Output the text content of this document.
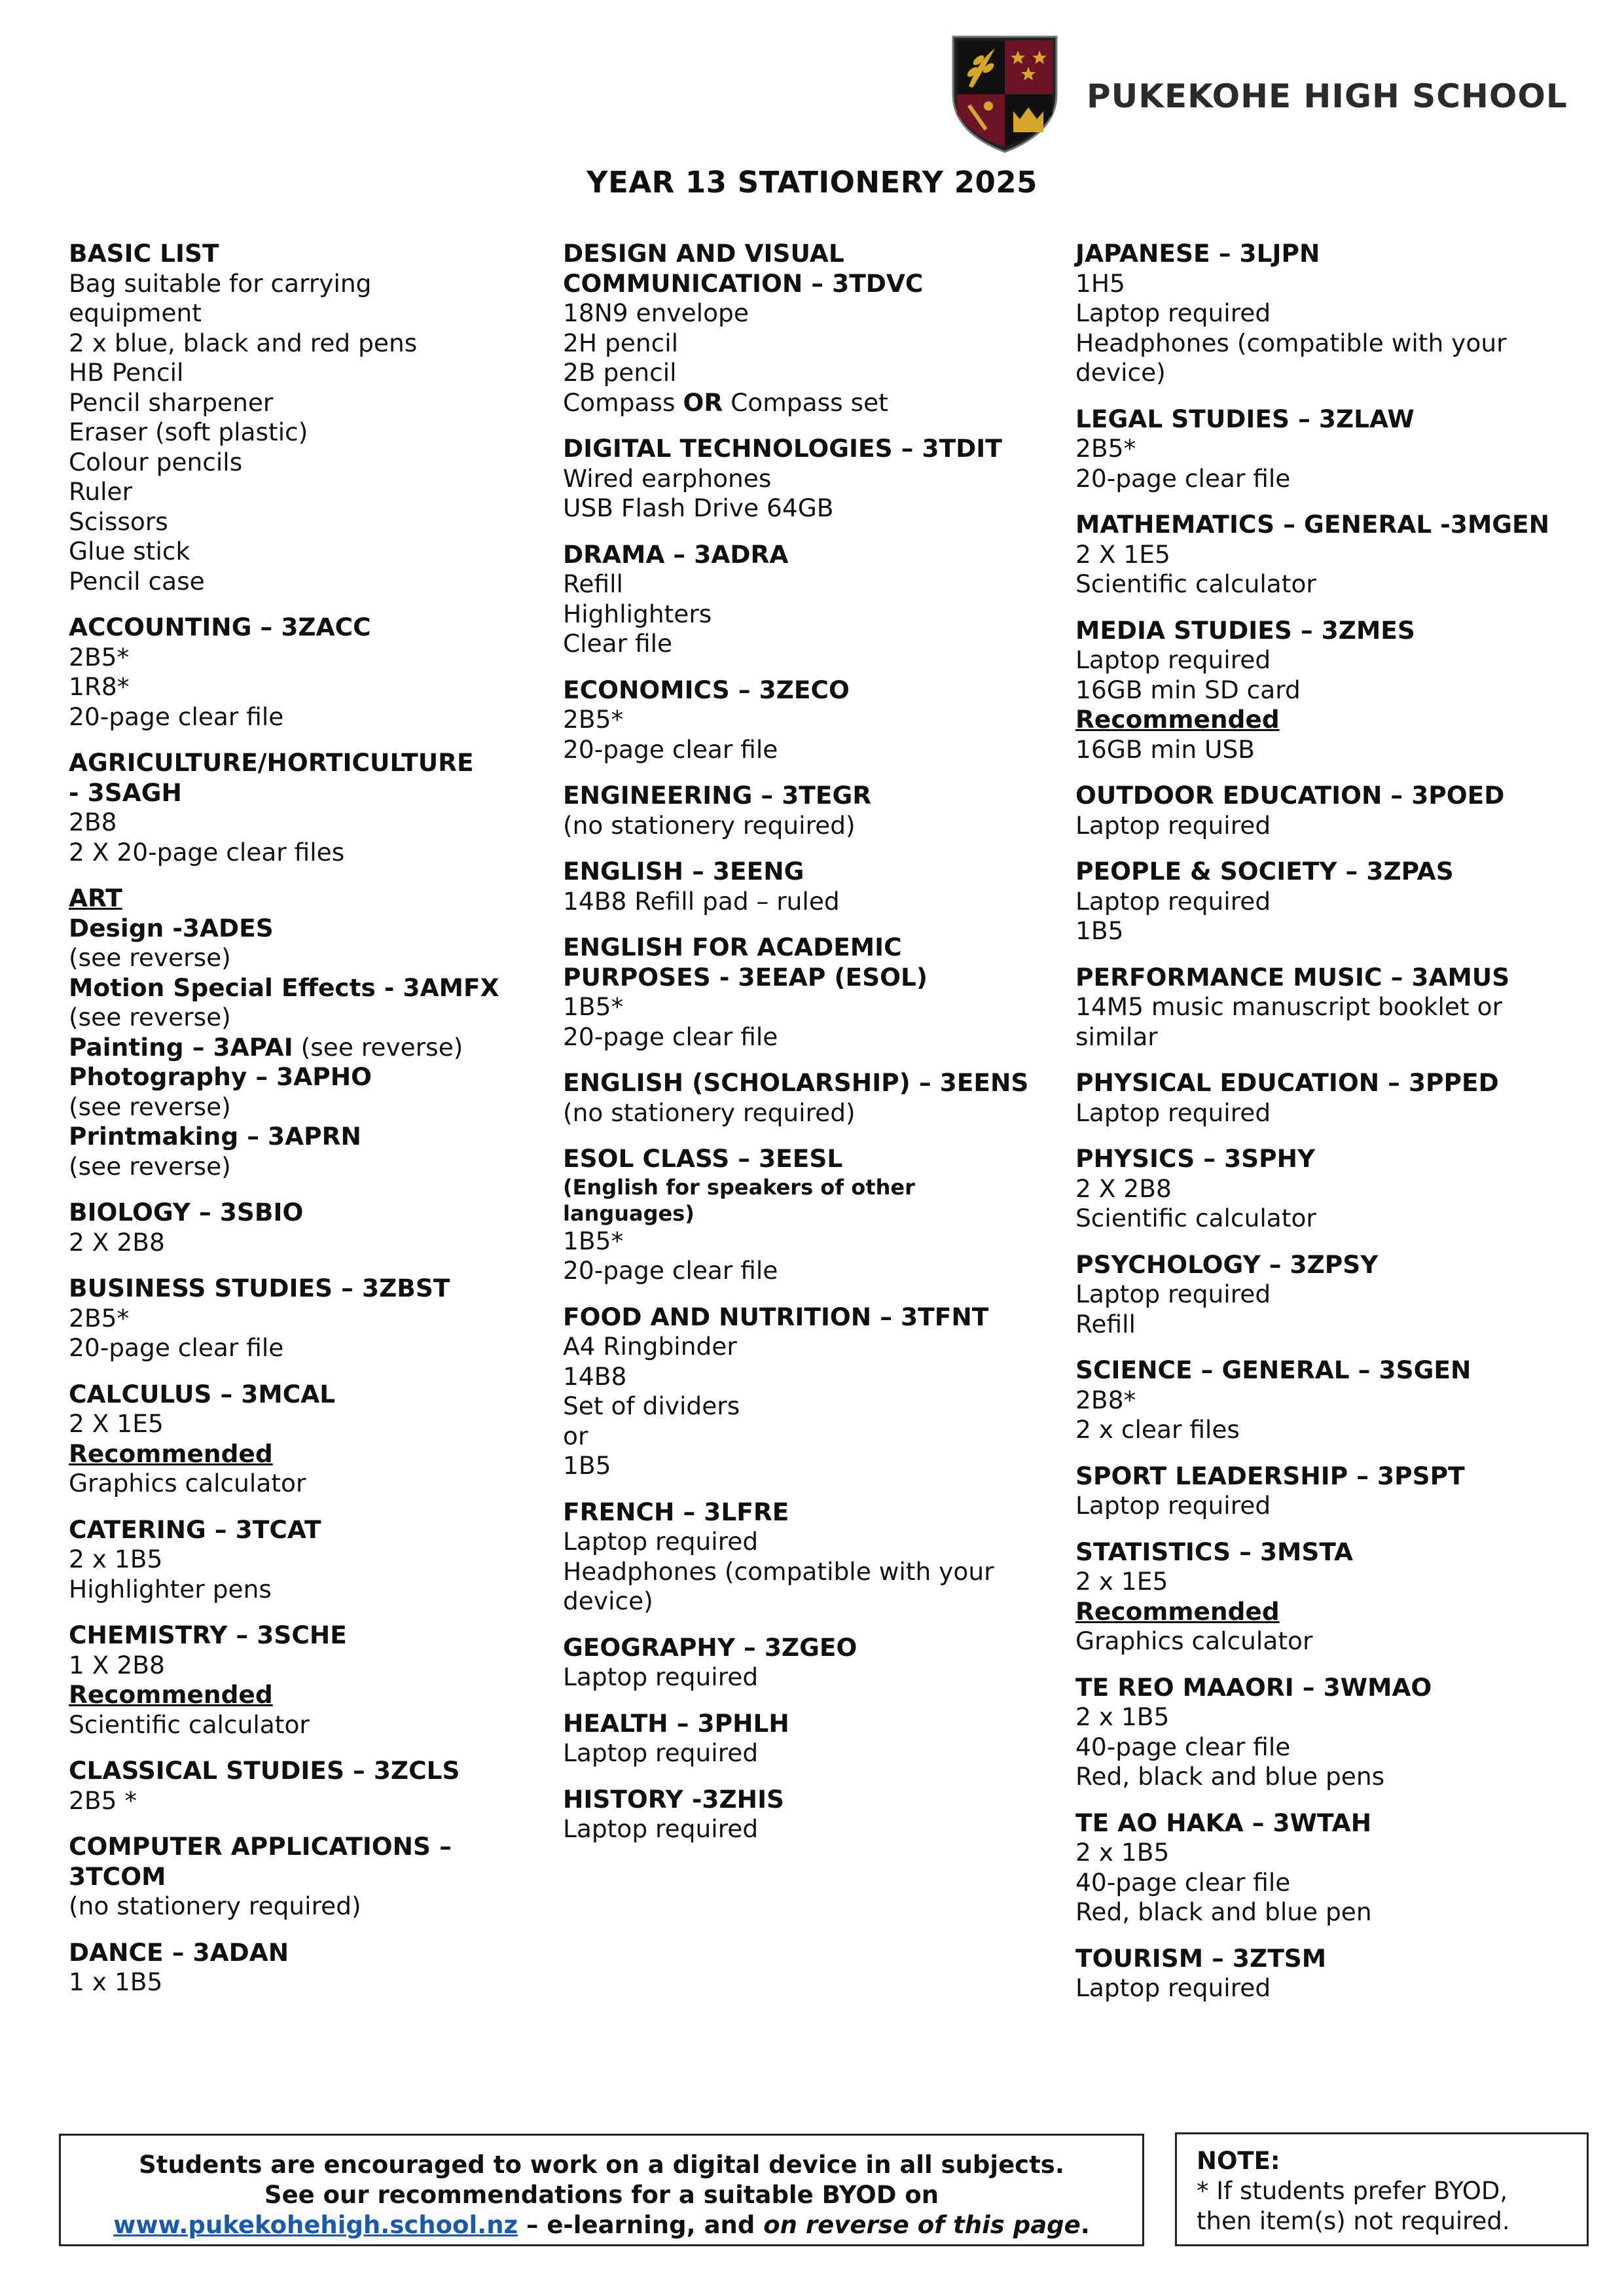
PUKEKOHE HIGH SCHOOL
YEAR 13 STATIONERY 2025
BASIC LIST
Bag suitable for carrying
equipment
2 x blue, black and red pens
HB Pencil
Pencil sharpener
Eraser (soft plastic)
Colour pencils
Ruler
Scissors
Glue stick
Pencil case
ACCOUNTING – 3ZACC
2B5*
1R8*
20-page clear file
AGRICULTURE/HORTICULTURE
- 3SAGH
2B8
2 X 20-page clear files
ART
Design -3ADES
(see reverse)
Motion Special Effects - 3AMFX
(see reverse)
Painting – 3APAI (see reverse)
Photography – 3APHO
(see reverse)
Printmaking – 3APRN
(see reverse)
BIOLOGY – 3SBIO
2 X 2B8
BUSINESS STUDIES – 3ZBST
2B5*
20-page clear file
CALCULUS – 3MCAL
2 X 1E5
Recommended
Graphics calculator
CATERING – 3TCAT
2 x 1B5
Highlighter pens
CHEMISTRY – 3SCHE
1 X 2B8
Recommended
Scientific calculator
CLASSICAL STUDIES – 3ZCLS
2B5 *
COMPUTER APPLICATIONS –
3TCOM
(no stationery required)
DANCE – 3ADAN
1 x 1B5
DESIGN AND VISUAL
COMMUNICATION – 3TDVC
18N9 envelope
2H pencil
2B pencil
Compass OR Compass set
DIGITAL TECHNOLOGIES – 3TDIT
Wired earphones
USB Flash Drive 64GB
DRAMA – 3ADRA
Refill
Highlighters
Clear file
ECONOMICS – 3ZECO
2B5*
20-page clear file
ENGINEERING – 3TEGR
(no stationery required)
ENGLISH – 3EENG
14B8 Refill pad – ruled
ENGLISH FOR ACADEMIC
PURPOSES - 3EEAP (ESOL)
1B5*
20-page clear file
ENGLISH (SCHOLARSHIP) – 3EENS
(no stationery required)
ESOL CLASS – 3EESL
(English for speakers of other
languages)
1B5*
20-page clear file
FOOD AND NUTRITION – 3TFNT
A4 Ringbinder
14B8
Set of dividers
or
1B5
FRENCH – 3LFRE
Laptop required
Headphones (compatible with your
device)
GEOGRAPHY – 3ZGEO
Laptop required
HEALTH – 3PHLH
Laptop required
HISTORY -3ZHIS
Laptop required
JAPANESE – 3LJPN
1H5
Laptop required
Headphones (compatible with your
device)
LEGAL STUDIES – 3ZLAW
2B5*
20-page clear file
MATHEMATICS – GENERAL -3MGEN
2 X 1E5
Scientific calculator
MEDIA STUDIES – 3ZMES
Laptop required
16GB min SD card
Recommended
16GB min USB
OUTDOOR EDUCATION – 3POED
Laptop required
PEOPLE & SOCIETY – 3ZPAS
Laptop required
1B5
PERFORMANCE MUSIC – 3AMUS
14M5 music manuscript booklet or
similar
PHYSICAL EDUCATION – 3PPED
Laptop required
PHYSICS – 3SPHY
2 X 2B8
Scientific calculator
PSYCHOLOGY – 3ZPSY
Laptop required
Refill
SCIENCE – GENERAL – 3SGEN
2B8*
2 x clear files
SPORT LEADERSHIP – 3PSPT
Laptop required
STATISTICS – 3MSTA
2 x 1E5
Recommended
Graphics calculator
TE REO MAAORI – 3WMAO
2 x 1B5
40-page clear file
Red, black and blue pens
TE AO HAKA – 3WTAH
2 x 1B5
40-page clear file
Red, black and blue pen
TOURISM – 3ZTSM
Laptop required
Students are encouraged to work on a digital device in all subjects.
See our recommendations for a suitable BYOD on
www.pukekohehigh.school.nz – e-learning, and on reverse of this page.
NOTE:
* If students prefer BYOD,
then item(s) not required.
